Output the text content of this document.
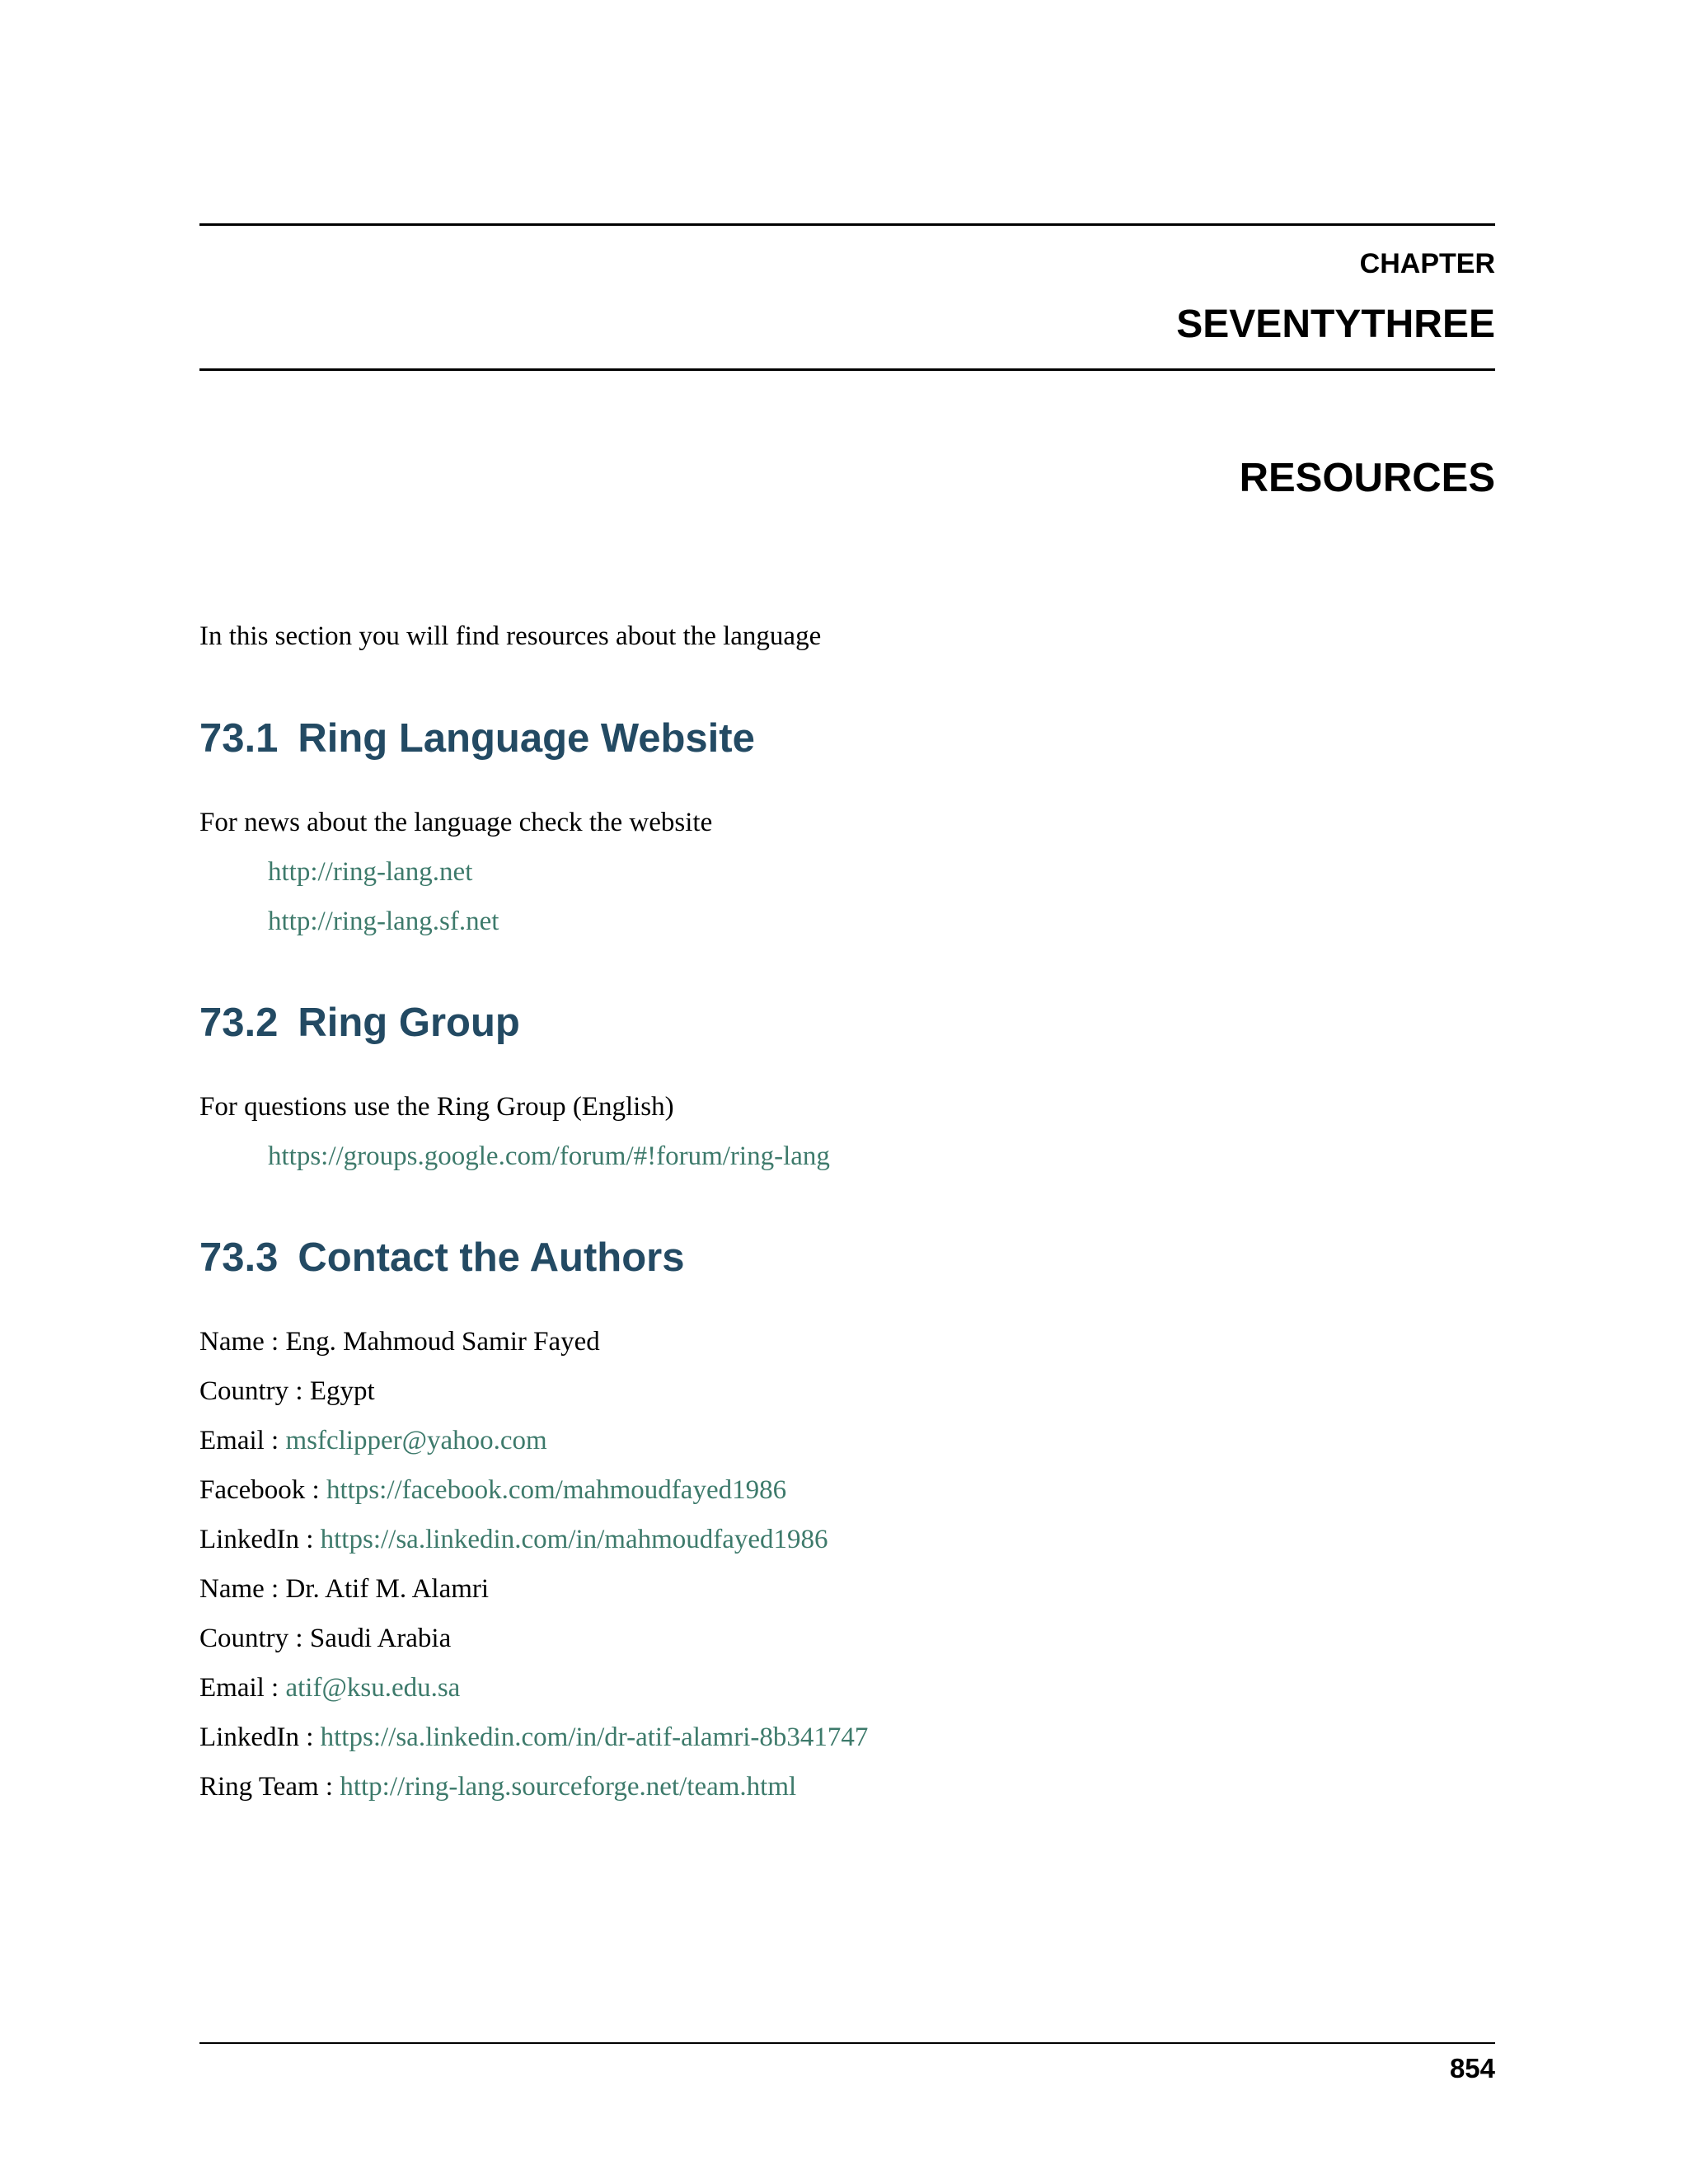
CHAPTER
SEVENTYTHREE
RESOURCES
In this section you will find resources about the language
73.1 Ring Language Website
For news about the language check the website
http://ring-lang.net
http://ring-lang.sf.net
73.2 Ring Group
For questions use the Ring Group (English)
https://groups.google.com/forum/#!forum/ring-lang
73.3 Contact the Authors
Name : Eng. Mahmoud Samir Fayed
Country : Egypt
Email : msfclipper@yahoo.com
Facebook : https://facebook.com/mahmoudfayed1986
LinkedIn : https://sa.linkedin.com/in/mahmoudfayed1986
Name : Dr. Atif M. Alamri
Country : Saudi Arabia
Email : atif@ksu.edu.sa
LinkedIn : https://sa.linkedin.com/in/dr-atif-alamri-8b341747
Ring Team : http://ring-lang.sourceforge.net/team.html
854
